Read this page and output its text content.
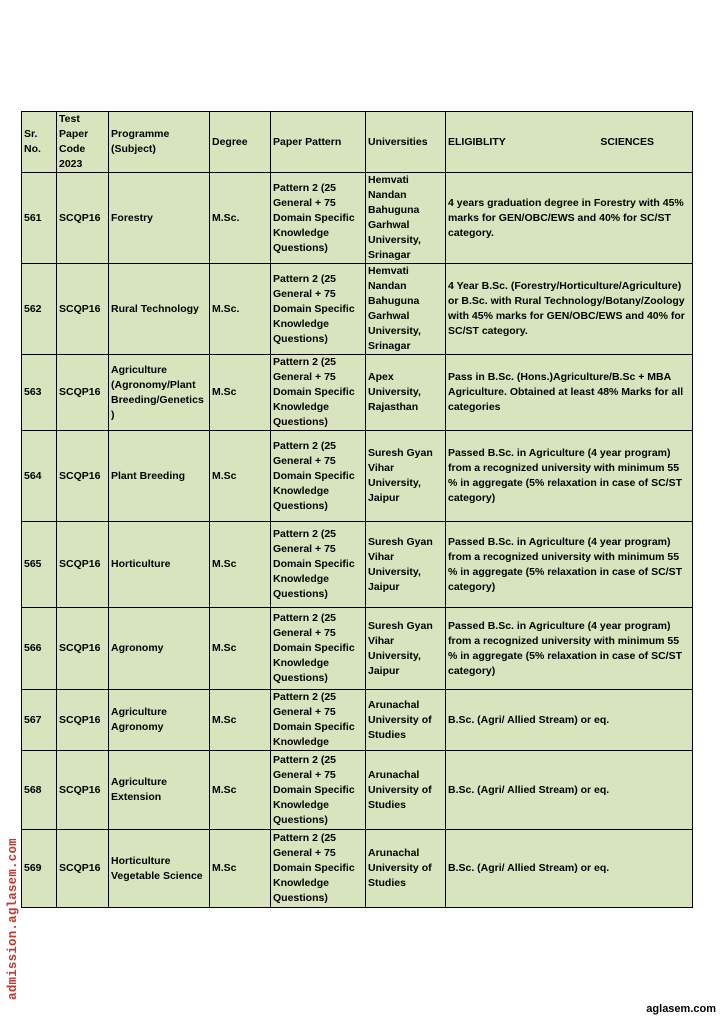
Sr. No.	Test Paper Code 2023	Programme (Subject)	Degree	Paper Pattern	Universities	ELIGIBLITY SCIENCES

561	SCQP16	Forestry	M.Sc.	Pattern 2 (25 General + 75 Domain Specific Knowledge Questions)	Hemvati Nandan Bahuguna Garhwal University, Srinagar	4 years graduation degree in Forestry with 45% marks for GEN/OBC/EWS and 40% for SC/ST category.
562	SCQP16	Rural Technology	M.Sc.	Pattern 2 (25 General + 75 Domain Specific Knowledge Questions)	Hemvati Nandan Bahuguna Garhwal University, Srinagar	4 Year B.Sc. (Forestry/Horticulture/Agriculture) or B.Sc. with Rural Technology/Botany/Zoology with 45% marks for GEN/OBC/EWS and 40% for SC/ST category.
563	SCQP16	Agriculture (Agronomy/Plant Breeding/Genetics)	M.Sc	Pattern 2 (25 General + 75 Domain Specific Knowledge Questions)	Apex University, Rajasthan	Pass in B.Sc. (Hons.)Agriculture/B.Sc + MBA Agriculture. Obtained at least 48% Marks for all categories
564	SCQP16	Plant Breeding	M.Sc	Pattern 2 (25 General + 75 Domain Specific Knowledge Questions)	Suresh Gyan Vihar University, Jaipur	Passed B.Sc. in Agriculture (4 year program) from a recognized university with minimum 55 % in aggregate (5% relaxation in case of SC/ST category)
565	SCQP16	Horticulture	M.Sc	Pattern 2 (25 General + 75 Domain Specific Knowledge Questions)	Suresh Gyan Vihar University, Jaipur	Passed B.Sc. in Agriculture (4 year program) from a recognized university with minimum 55 % in aggregate (5% relaxation in case of SC/ST category)
566	SCQP16	Agronomy	M.Sc	Pattern 2 (25 General + 75 Domain Specific Knowledge Questions)	Suresh Gyan Vihar University, Jaipur	Passed B.Sc. in Agriculture (4 year program) from a recognized university with minimum 55 % in aggregate (5% relaxation in case of SC/ST category)
567	SCQP16	Agriculture Agronomy	M.Sc	Pattern 2 (25 General + 75 Domain Specific Knowledge	Arunachal University of Studies	B.Sc. (Agri/ Allied Stream) or eq.
568	SCQP16	Agriculture Extension	M.Sc	Pattern 2 (25 General + 75 Domain Specific Knowledge Questions)	Arunachal University of Studies	B.Sc. (Agri/ Allied Stream) or eq.
569	SCQP16	Horticulture Vegetable Science	M.Sc	Pattern 2 (25 General + 75 Domain Specific Knowledge Questions)	Arunachal University of Studies	B.Sc. (Agri/ Allied Stream) or eq.
admission.aglasem.com
aglasem.com
